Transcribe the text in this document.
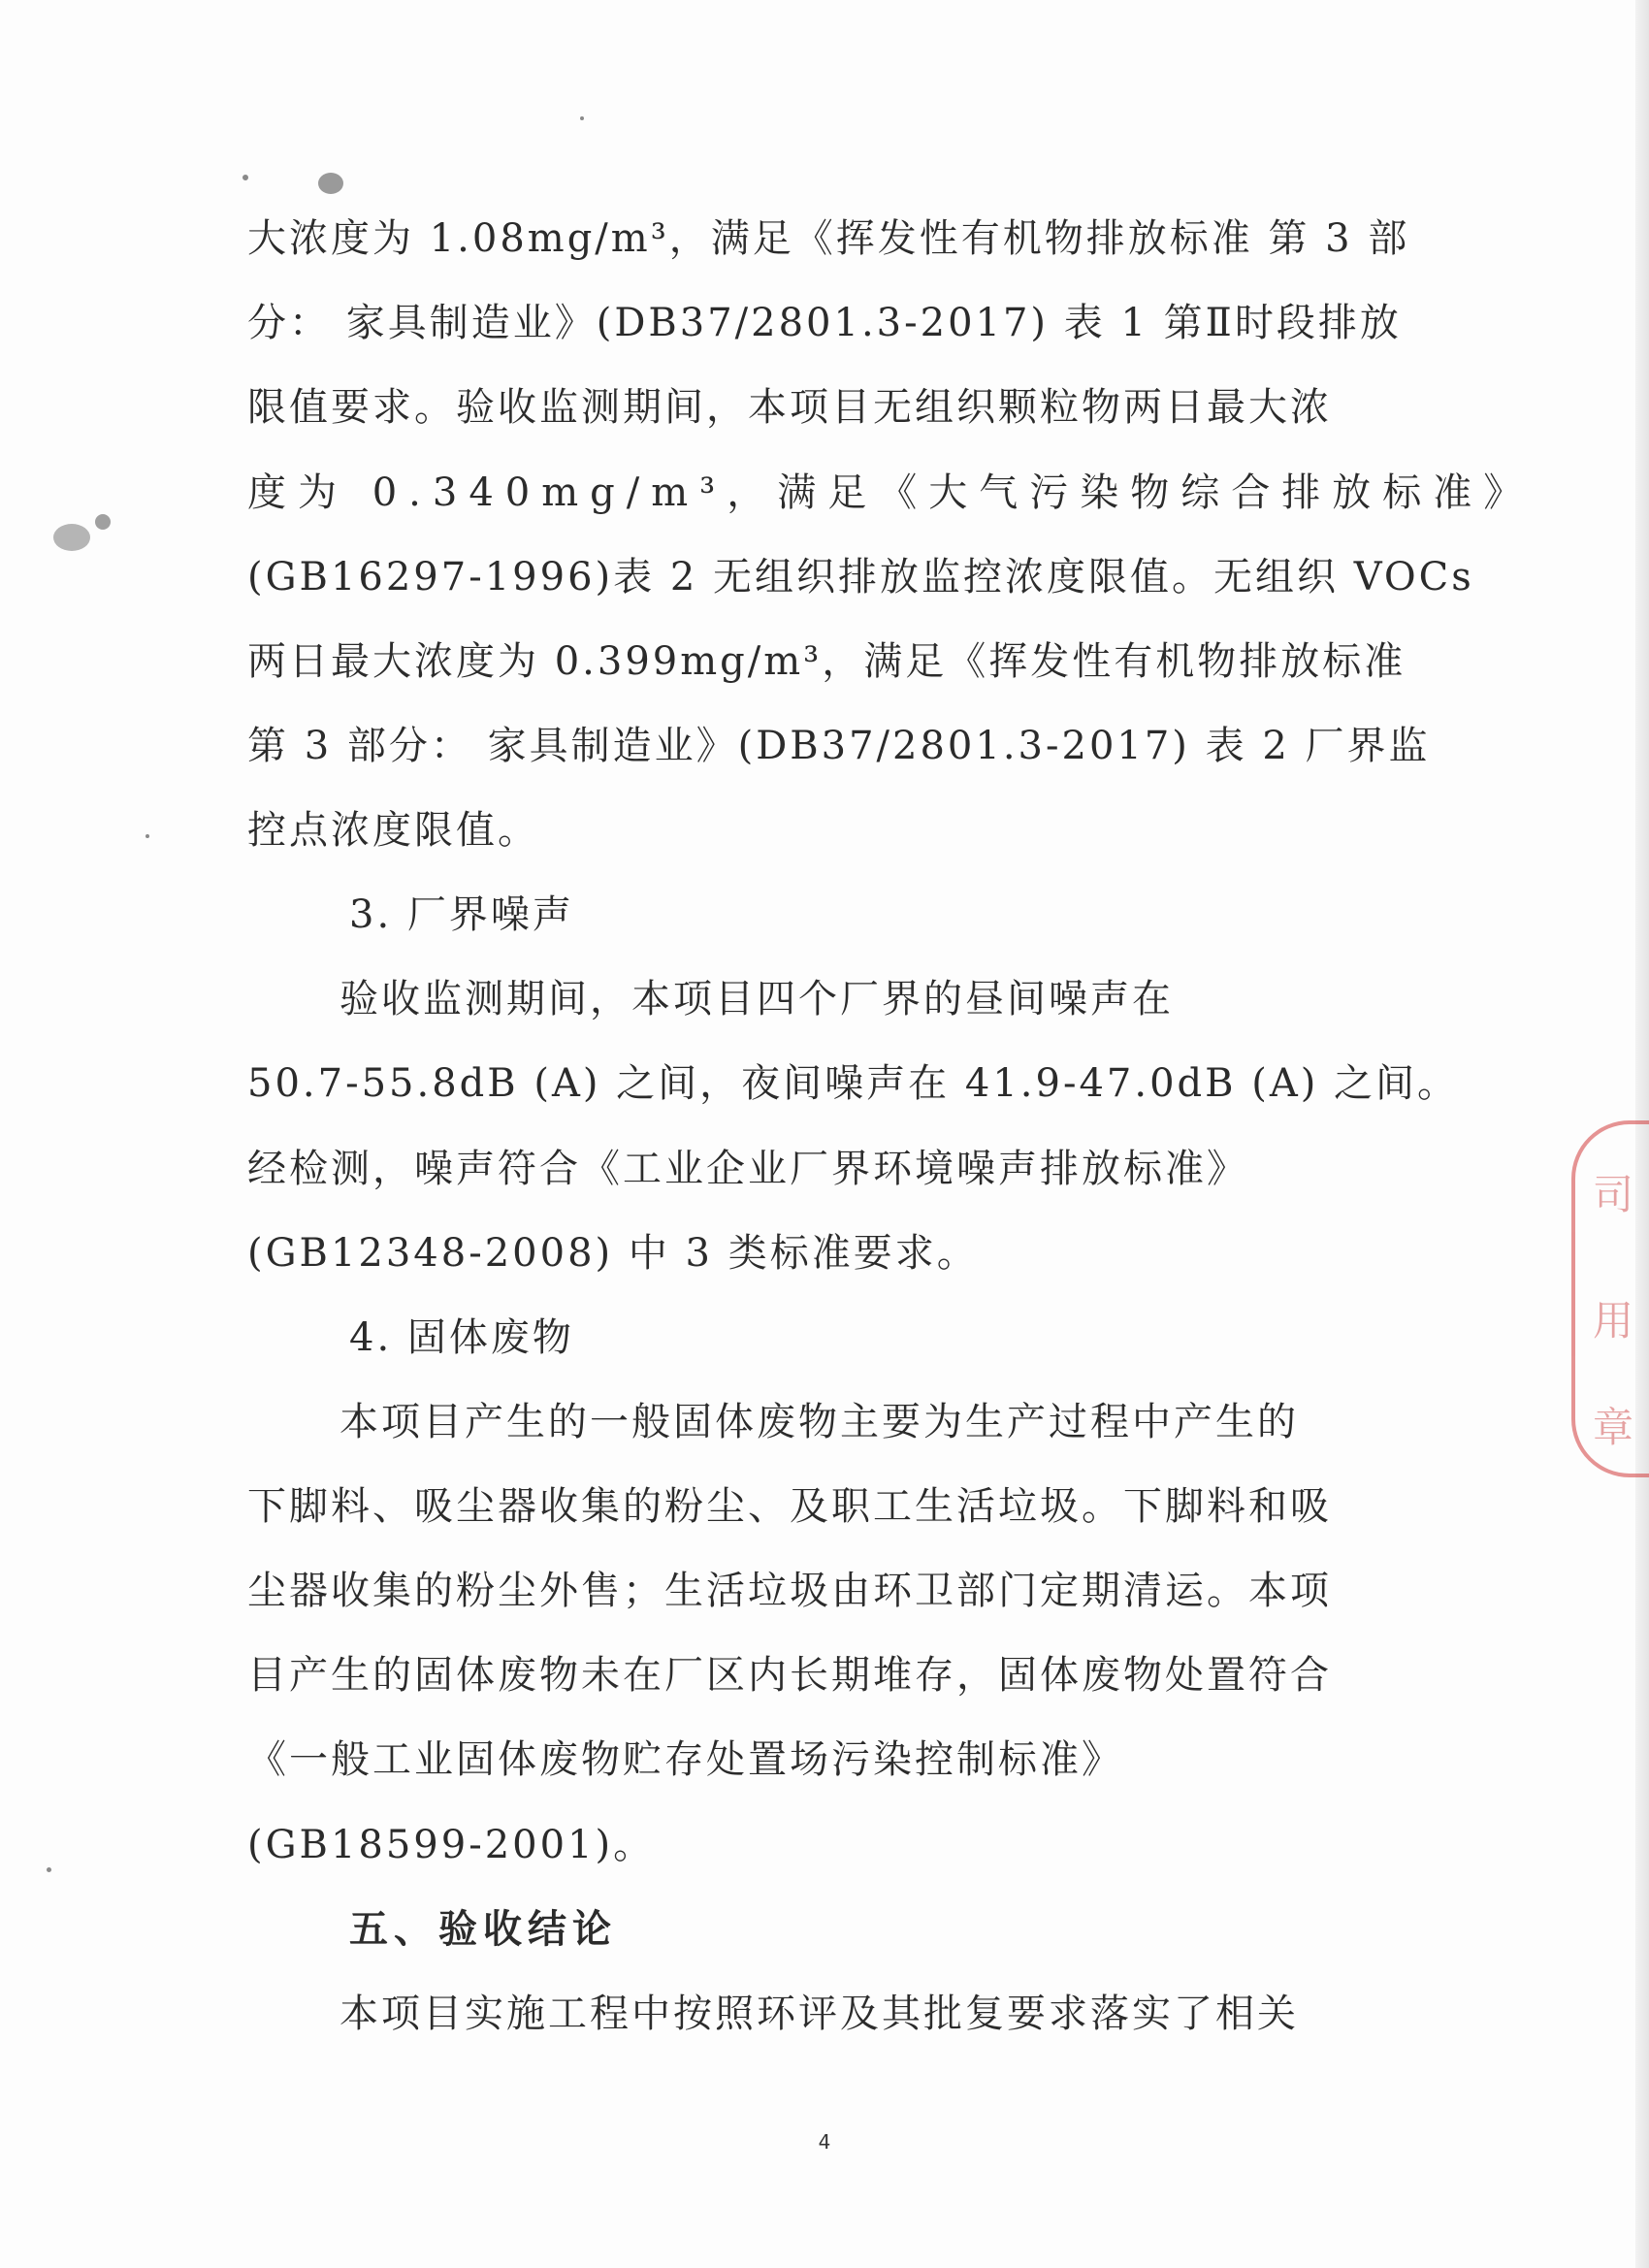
大浓度为 1.08mg/m³，满足《挥发性有机物排放标准 第 3 部
分： 家具制造业》(DB37/2801.3-2017) 表 1 第Ⅱ时段排放
限值要求。验收监测期间，本项目无组织颗粒物两日最大浓
度为 0.340mg/m³，满足《大气污染物综合排放标准》
(GB16297-1996)表 2 无组织排放监控浓度限值。无组织 VOCs
两日最大浓度为 0.399mg/m³，满足《挥发性有机物排放标准
第 3 部分： 家具制造业》(DB37/2801.3-2017) 表 2 厂界监
控点浓度限值。
3. 厂界噪声
验收监测期间，本项目四个厂界的昼间噪声在
50.7-55.8dB (A) 之间，夜间噪声在 41.9-47.0dB (A) 之间。
经检测，噪声符合《工业企业厂界环境噪声排放标准》
(GB12348-2008) 中 3 类标准要求。
4. 固体废物
本项目产生的一般固体废物主要为生产过程中产生的
下脚料、吸尘器收集的粉尘、及职工生活垃圾。下脚料和吸
尘器收集的粉尘外售；生活垃圾由环卫部门定期清运。本项
目产生的固体废物未在厂区内长期堆存，固体废物处置符合
《一般工业固体废物贮存处置场污染控制标准》
(GB18599-2001)。
五、验收结论
本项目实施工程中按照环评及其批复要求落实了相关
司
用
章
4
